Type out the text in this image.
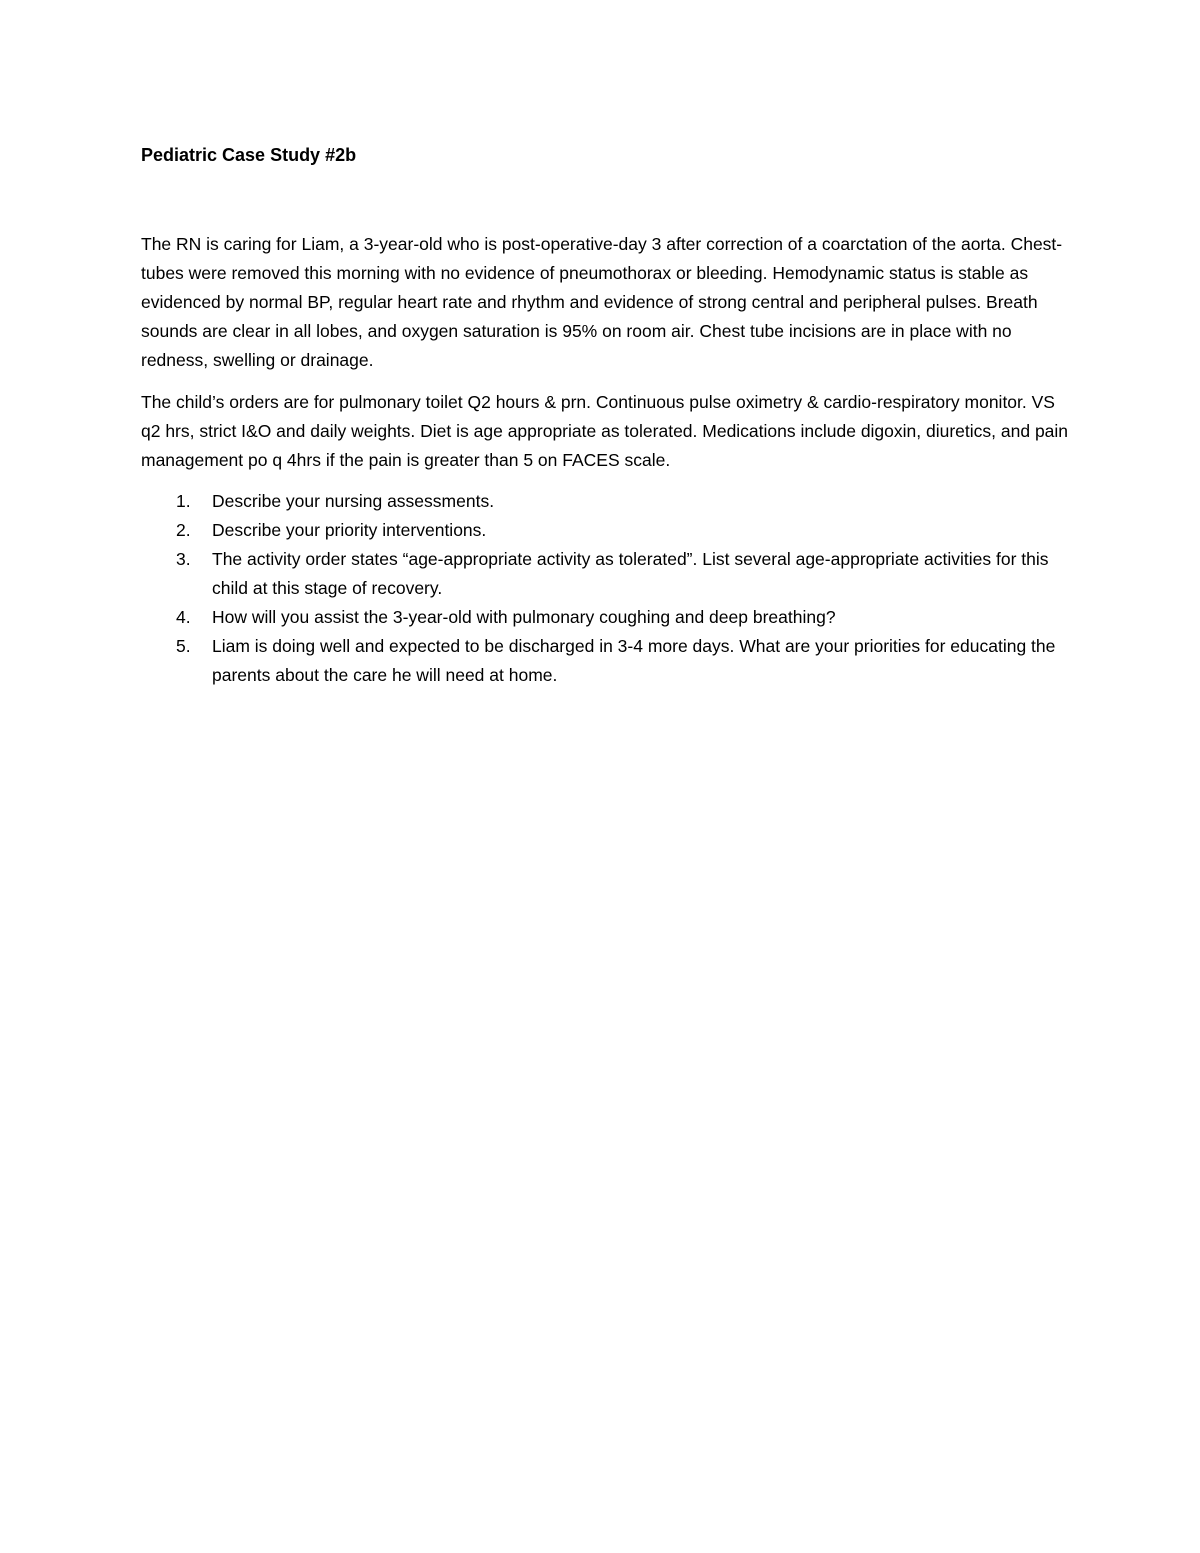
Pediatric Case Study #2b

The RN is caring for Liam, a 3-year-old who is post-operative-day 3 after correction of a coarctation of the aorta. Chest-tubes were removed this morning with no evidence of pneumothorax or bleeding. Hemodynamic status is stable as evidenced by normal BP, regular heart rate and rhythm and evidence of strong central and peripheral pulses. Breath sounds are clear in all lobes, and oxygen saturation is 95% on room air. Chest tube incisions are in place with no redness, swelling or drainage.

The child’s orders are for pulmonary toilet Q2 hours & prn. Continuous pulse oximetry & cardio-respiratory monitor. VS q2 hrs, strict I&O and daily weights. Diet is age appropriate as tolerated. Medications include digoxin, diuretics, and pain management po q 4hrs if the pain is greater than 5 on FACES scale.

1.	Describe your nursing assessments.
2.	Describe your priority interventions.
3.	The activity order states “age-appropriate activity as tolerated”. List several age-appropriate activities for this child at this stage of recovery.
4.	How will you assist the 3-year-old with pulmonary coughing and deep breathing?
5.	Liam is doing well and expected to be discharged in 3-4 more days. What are your priorities for educating the parents about the care he will need at home.
